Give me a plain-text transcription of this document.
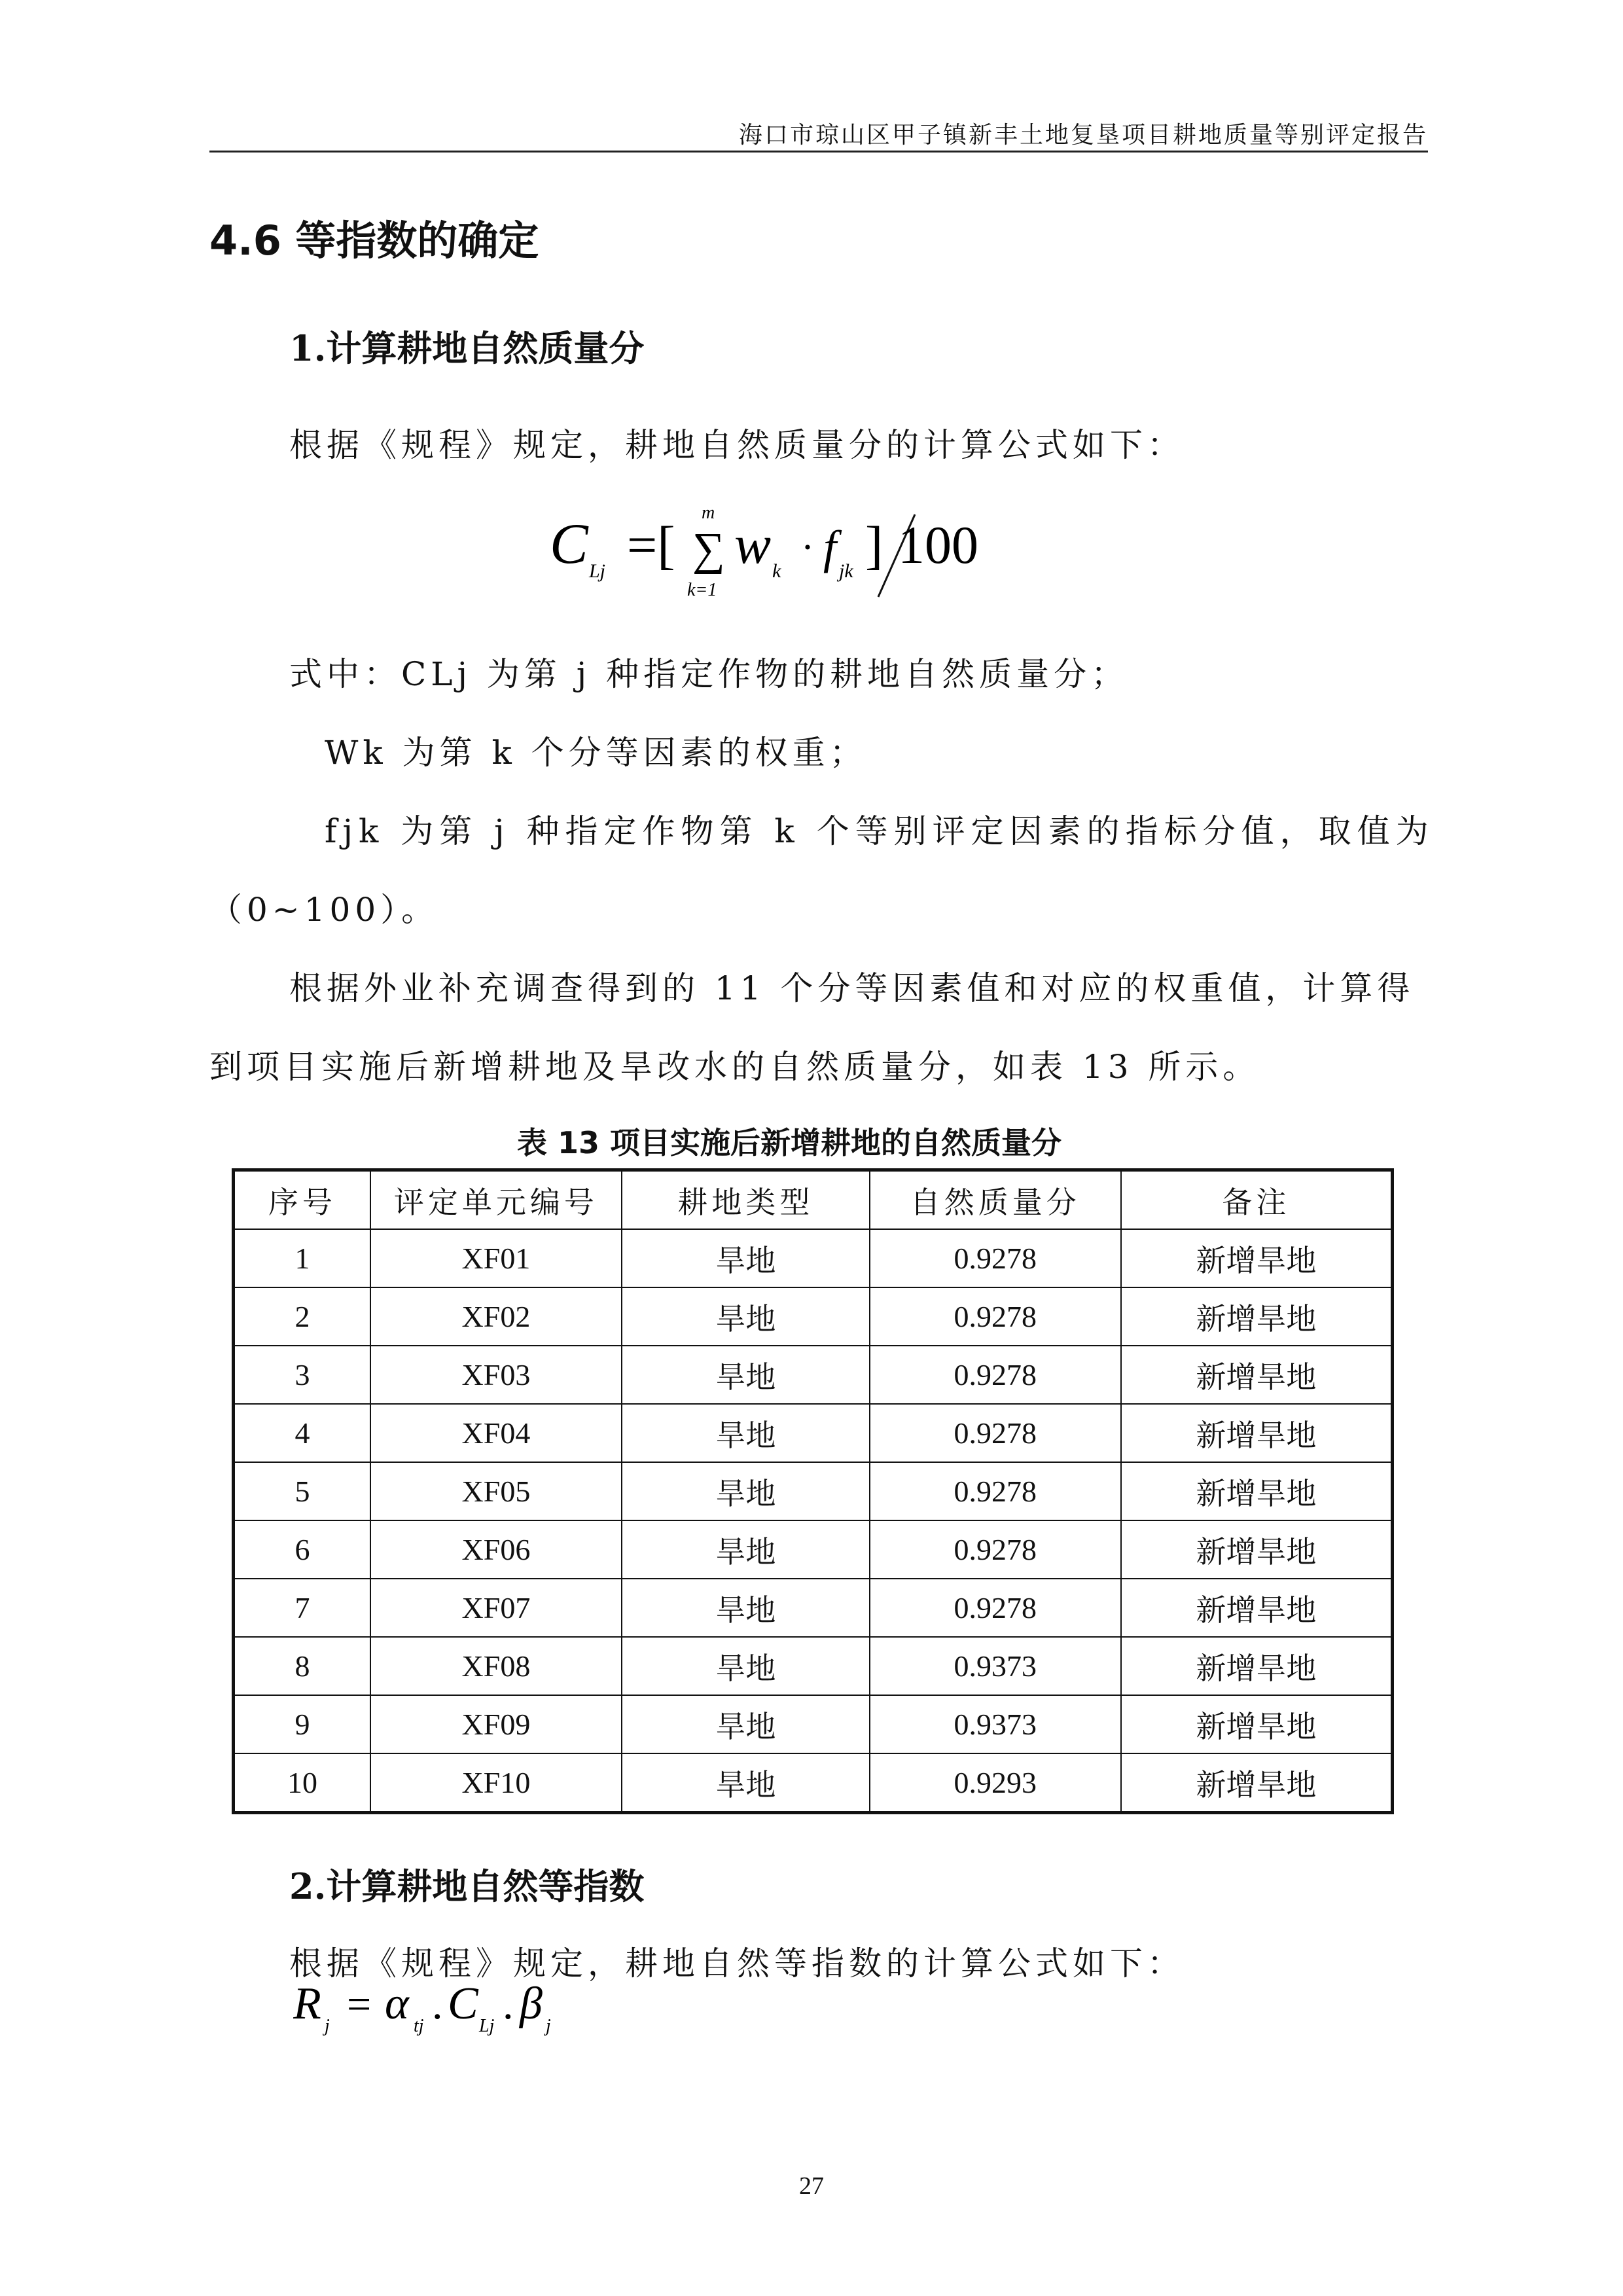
海口市琼山区甲子镇新丰土地复垦项目耕地质量等别评定报告
4.6 等指数的确定
1.计算耕地自然质量分
根据《规程》规定，耕地自然质量分的计算公式如下：
C Lj =[ ∑
m
k=1
w k
· f jk ] 100
式中：CLj 为第 j 种指定作物的耕地自然质量分；
Wk 为第 k 个分等因素的权重；
fjk 为第 j 种指定作物第 k 个等别评定因素的指标分值，取值为
（0~100）。
根据外业补充调查得到的 11 个分等因素值和对应的权重值，计算得
到项目实施后新增耕地及旱改水的自然质量分，如表 13 所示。
表 13 项目实施后新增耕地的自然质量分
序号	评定单元编号	耕地类型	自然质量分	备注
1	XF01	旱地	0.9278	新增旱地
2	XF02	旱地	0.9278	新增旱地
3	XF03	旱地	0.9278	新增旱地
4	XF04	旱地	0.9278	新增旱地
5	XF05	旱地	0.9278	新增旱地
6	XF06	旱地	0.9278	新增旱地
7	XF07	旱地	0.9278	新增旱地
8	XF08	旱地	0.9373	新增旱地
9	XF09	旱地	0.9373	新增旱地
10	XF10	旱地	0.9293	新增旱地
2.计算耕地自然等指数
根据《规程》规定，耕地自然等指数的计算公式如下：
R j = α tj . C Lj . β j
27
